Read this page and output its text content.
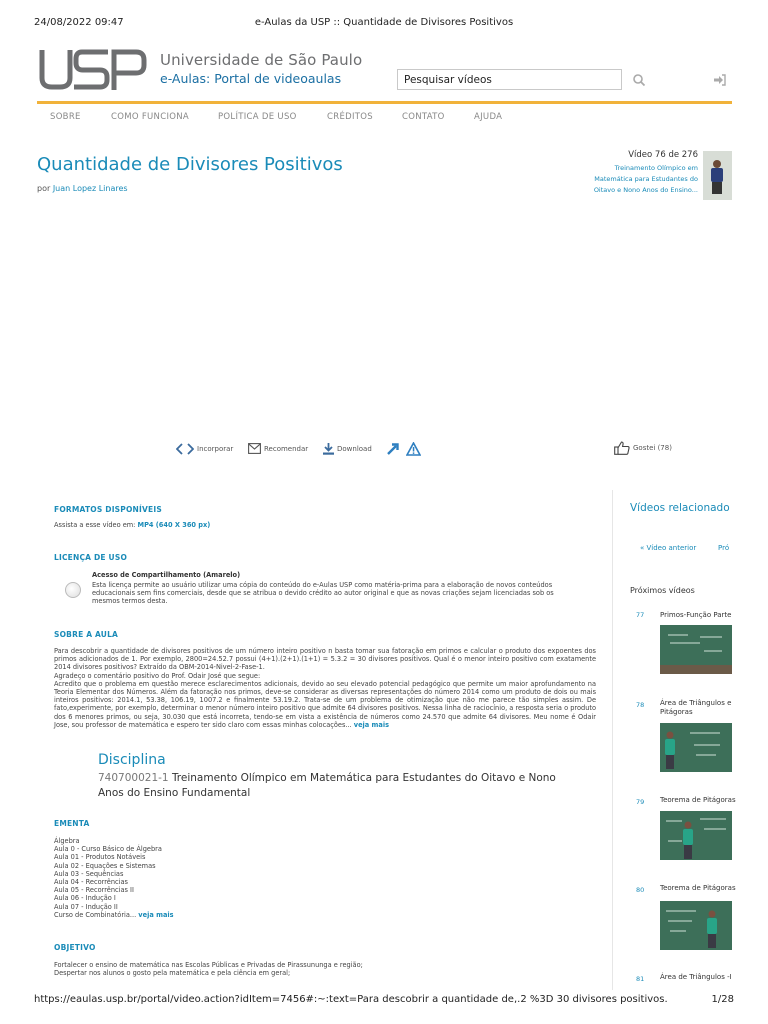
24/08/2022 09:47	e-Aulas da USP :: Quantidade de Divisores Positivos
Universidade de São Paulo
e-Aulas: Portal de videoaulas
Pesquisar vídeos
SOBRE	COMO FUNCIONA	POLÍTICA DE USO	CRÉDITOS	CONTATO	AJUDA
Quantidade de Divisores Positivos
por Juan Lopez Linares
Vídeo 76 de 276
Treinamento Olímpico em Matemática para Estudantes do Oitavo e Nono Anos do Ensino...
Incorporar	Recomendar	Download	Gostei (78)
FORMATOS DISPONÍVEIS
Assista a esse vídeo em: MP4 (640 X 360 px)
LICENÇA DE USO
Acesso de Compartilhamento (Amarelo)
Esta licença permite ao usuário utilizar uma cópia do conteúdo do e-Aulas USP como matéria-prima para a elaboração de novos conteúdos educacionais sem fins comerciais, desde que se atribua o devido crédito ao autor original e que as novas criações sejam licenciadas sob os mesmos termos desta.
SOBRE A AULA
Para descobrir a quantidade de divisores positivos de um número inteiro positivo n basta tomar sua fatoração em primos e calcular o produto dos expoentes dos primos adicionados de 1. Por exemplo, 2800=24.52.7 possui (4+1).(2+1).(1+1) = 5.3.2 = 30 divisores positivos. Qual é o menor inteiro positivo com exatamente 2014 divisores positivos? Extraído da OBM-2014-Nivel-2-Fase-1.
Agradeço o comentário positivo do Prof. Odair José que segue:
Acredito que o problema em questão merece esclarecimentos adicionais, devido ao seu elevado potencial pedagógico que permite um maior aprofundamento na Teoria Elementar dos Números. Além da fatoração nos primos, deve-se considerar as diversas representações do número 2014 como um produto de dois ou mais inteiros positivos: 2014.1, 53.38, 106.19, 1007.2 e finalmente 53.19.2. Trata-se de um problema de otimização que não me parece tão simples assim. De fato,experimente, por exemplo, determinar o menor número inteiro positivo que admite 64 divisores positivos. Nessa linha de raciocínio, a resposta seria o produto dos 6 menores primos, ou seja, 30.030 que está incorreta, tendo-se em vista a existência de números como 24.570 que admite 64 divisores. Meu nome é Odair Jose, sou professor de matemática e espero ter sido claro com essas minhas colocações... veja mais
Disciplina
740700021-1 Treinamento Olímpico em Matemática para Estudantes do Oitavo e Nono Anos do Ensino Fundamental
EMENTA
Álgebra
Aula 0 - Curso Básico de Álgebra
Aula 01 - Produtos Notáveis
Aula 02 - Equações e Sistemas
Aula 03 - Sequências
Aula 04 - Recorrências
Aula 05 - Recorrências II
Aula 06 - Indução I
Aula 07 - Indução II
Curso de Combinatória... veja mais
OBJETIVO
Fortalecer o ensino de matemática nas Escolas Públicas e Privadas de Pirassununga e região;
Despertar nos alunos o gosto pela matemática e pela ciência em geral;
Vídeos relacionado
« Vídeo anterior	Pró
Próximos vídeos
77 Primos-Função Parte
78 Área de Triângulos e
Pitágoras
79 Teorema de Pitágoras
80 Teorema de Pitágoras
81 Área de Triângulos -I
https://eaulas.usp.br/portal/video.action?idItem=7456#:~:text=Para descobrir a quantidade de,.2 %3D 30 divisores positivos.	1/28
